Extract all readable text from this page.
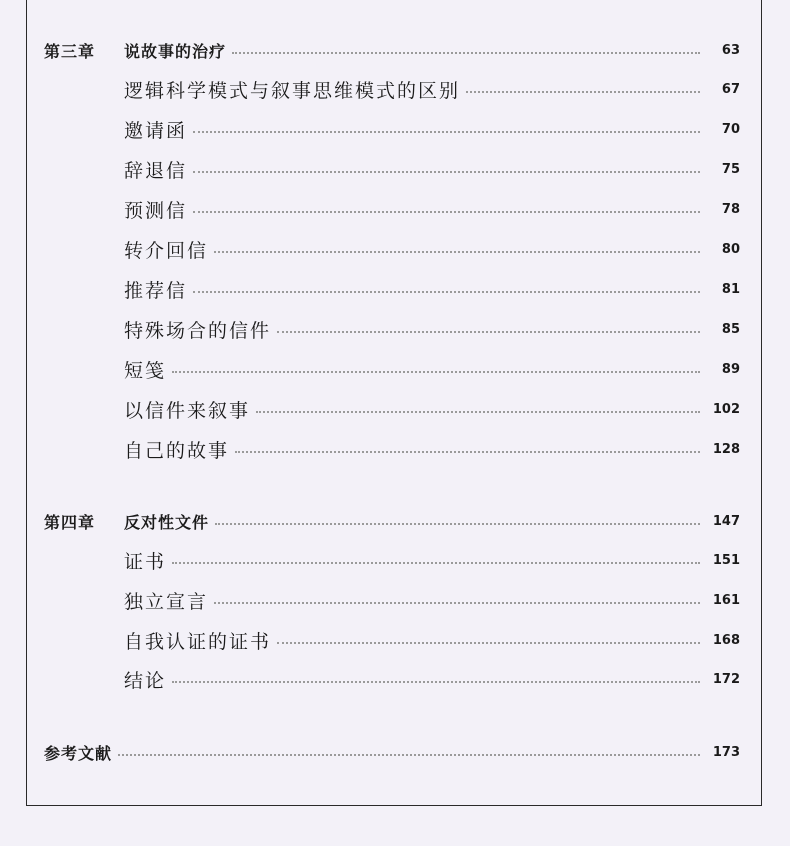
第三章	说故事的治疗	63
逻辑科学模式与叙事思维模式的区别	67
邀请函	70
辞退信	75
预测信	78
转介回信	80
推荐信	81
特殊场合的信件	85
短笺	89
以信件来叙事	102
自己的故事	128
第四章	反对性文件	147
证书	151
独立宣言	161
自我认证的证书	168
结论	172
参考文献	173
